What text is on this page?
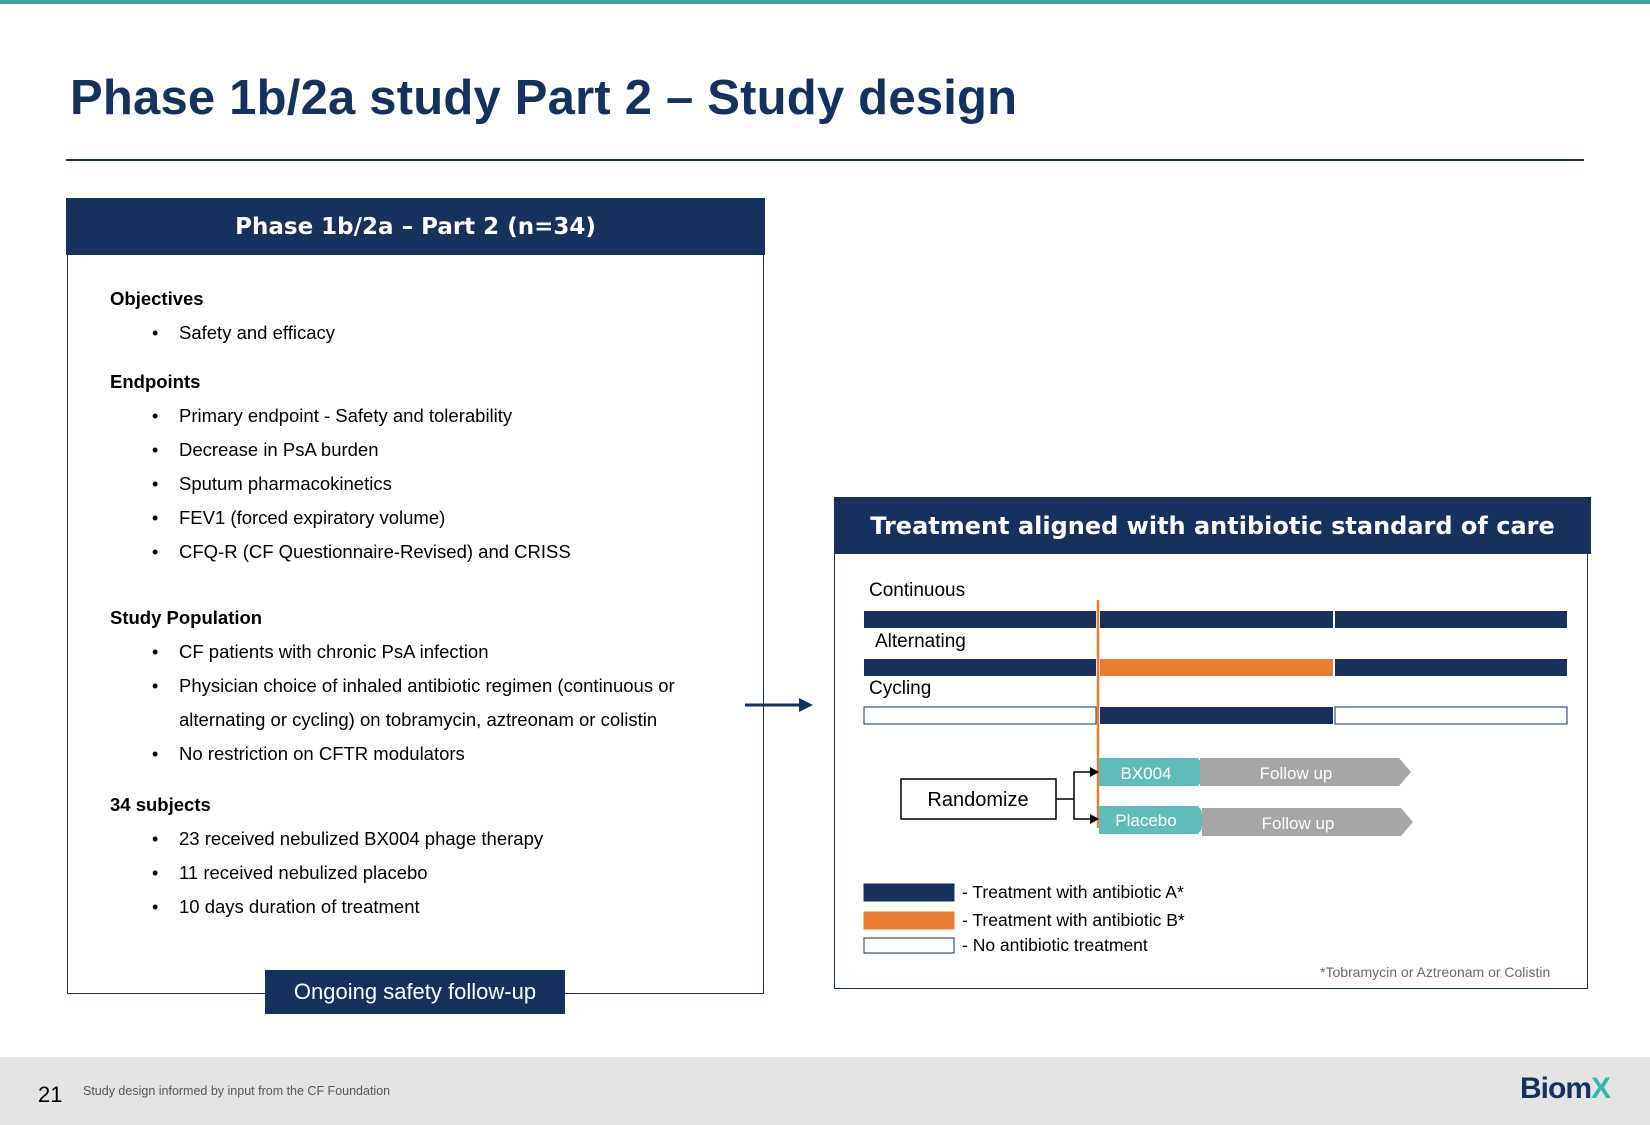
Phase 1b/2a study Part 2 – Study design
Phase 1b/2a – Part 2 (n=34)
Objectives
• Safety and efficacy
Endpoints
• Primary endpoint - Safety and tolerability
• Decrease in PsA burden
• Sputum pharmacokinetics
• FEV1 (forced expiratory volume)
• CFQ-R (CF Questionnaire-Revised) and CRISS
Study Population
• CF patients with chronic PsA infection
• Physician choice of inhaled antibiotic regimen (continuous or alternating or cycling) on tobramycin, aztreonam or colistin
• No restriction on CFTR modulators
34 subjects
• 23 received nebulized BX004 phage therapy
• 11 received nebulized placebo
• 10 days duration of treatment
Ongoing safety follow-up
Treatment aligned with antibiotic standard of care
Continuous
Alternating
Cycling
Randomize
BX004	Follow up
Placebo	Follow up
- Treatment with antibiotic A*
- Treatment with antibiotic B*
- No antibiotic treatment
*Tobramycin or Aztreonam or Colistin
21 Study design informed by input from the CF Foundation	BiomX
